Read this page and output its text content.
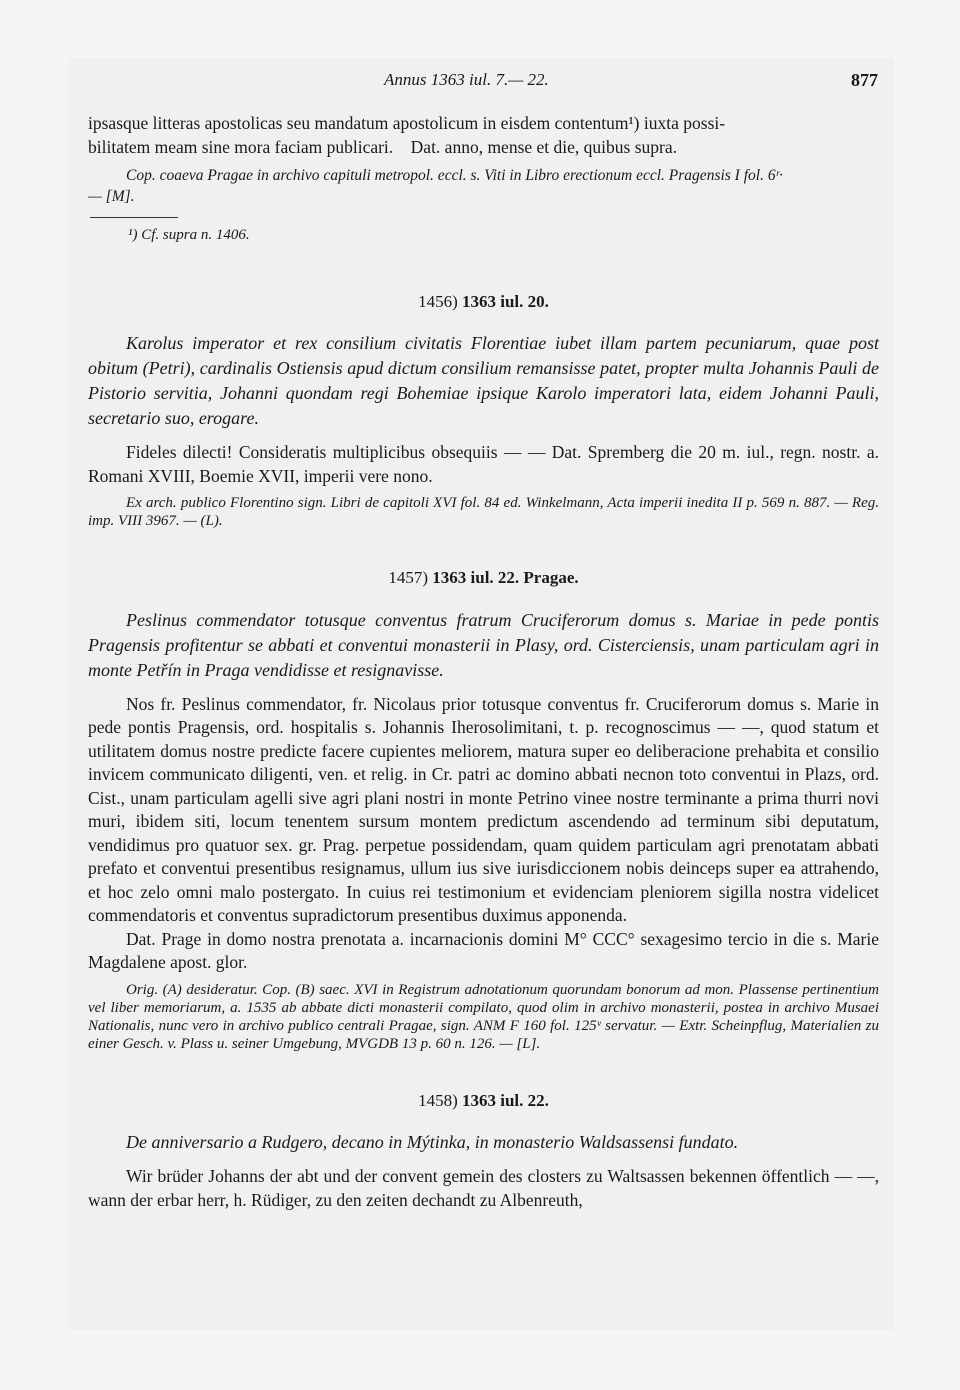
Annus 1363 iul. 7.— 22.	877
ipsasque litteras apostolicas seu mandatum apostolicum in eisdem contentum¹) iuxta possi-
bilitatem meam sine mora faciam publicari.    Dat. anno, mense et die, quibus supra.
Cop. coaeva Pragae in archivo capituli metropol. eccl. s. Viti in Libro erectionum eccl. Pragensis I fol. 6ʳ·
— [M].
¹) Cf. supra n. 1406.
1456) 1363 iul. 20.

Karolus imperator et rex consilium civitatis Florentiae iubet illam partem pecuniarum, quae post obitum (Petri), cardinalis Ostiensis apud dictum consilium remansisse patet, propter multa Johannis Pauli de Pistorio servitia, Johanni quondam regi Bohemiae ipsique Karolo imperatori lata, eidem Johanni Pauli, secretario suo, erogare.

Fideles dilecti! Consideratis multiplicibus obsequiis — — Dat. Spremberg die 20 m. iul., regn. nostr. a. Romani XVIII, Boemie XVII, imperii vere nono.

Ex arch. publico Florentino sign. Libri de capitoli XVI fol. 84 ed. Winkelmann, Acta imperii inedita II p. 569 n. 887. — Reg. imp. VIII 3967. — (L).

1457) 1363 iul. 22. Pragae.

Peslinus commendator totusque conventus fratrum Cruciferorum domus s. Mariae in pede pontis Pragensis profitentur se abbati et conventui monasterii in Plasy, ord. Cisterciensis, unam particulam agri in monte Petřín in Praga vendidisse et resignavisse.

Nos fr. Peslinus commendator, fr. Nicolaus prior totusque conventus fr. Cruciferorum domus s. Marie in pede pontis Pragensis, ord. hospitalis s. Johannis Iherosolimitani, t. p. recognoscimus — —, quod statum et utilitatem domus nostre predicte facere cupientes meliorem, matura super eo deliberacione prehabita et consilio invicem communicato diligenti, ven. et relig. in Cr. patri ac domino abbati necnon toto conventui in Plazs, ord. Cist., unam particulam agelli sive agri plani nostri in monte Petrino vinee nostre terminante a prima thurri novi muri, ibidem siti, locum tenentem sursum montem predictum ascendendo ad terminum sibi deputatum, vendidimus pro quatuor sex. gr. Prag. perpetue possidendam, quam quidem particulam agri prenotatam abbati prefato et conventui presentibus resignamus, ullum ius sive iurisdiccionem nobis deinceps super ea attrahendo, et hoc zelo omni malo postergato. In cuius rei testimonium et evidenciam pleniorem sigilla nostra videlicet commendatoris et conventus supradictorum presentibus duximus apponenda.

Dat. Prage in domo nostra prenotata a. incarnacionis domini M° CCC° sexagesimo tercio in die s. Marie Magdalene apost. glor.

Orig. (A) desideratur. Cop. (B) saec. XVI in Registrum adnotationum quorundam bonorum ad mon. Plassense pertinentium vel liber memoriarum, a. 1535 ab abbate dicti monasterii compilato, quod olim in archivo monasterii, postea in archivo Musaei Nationalis, nunc vero in archivo publico centrali Pragae, sign. ANM F 160 fol. 125ᵛ servatur. — Extr. Scheinpflug, Materialien zu einer Gesch. v. Plass u. seiner Umgebung, MVGDB 13 p. 60 n. 126. — [L].

1458) 1363 iul. 22.

De anniversario a Rudgero, decano in Mýtinka, in monasterio Waldsassensi fundato.

Wir brüder Johanns der abt und der convent gemein des closters zu Waltsassen bekennen öffentlich — —, wann der erbar herr, h. Rüdiger, zu den zeiten dechandt zu Albenreuth,
